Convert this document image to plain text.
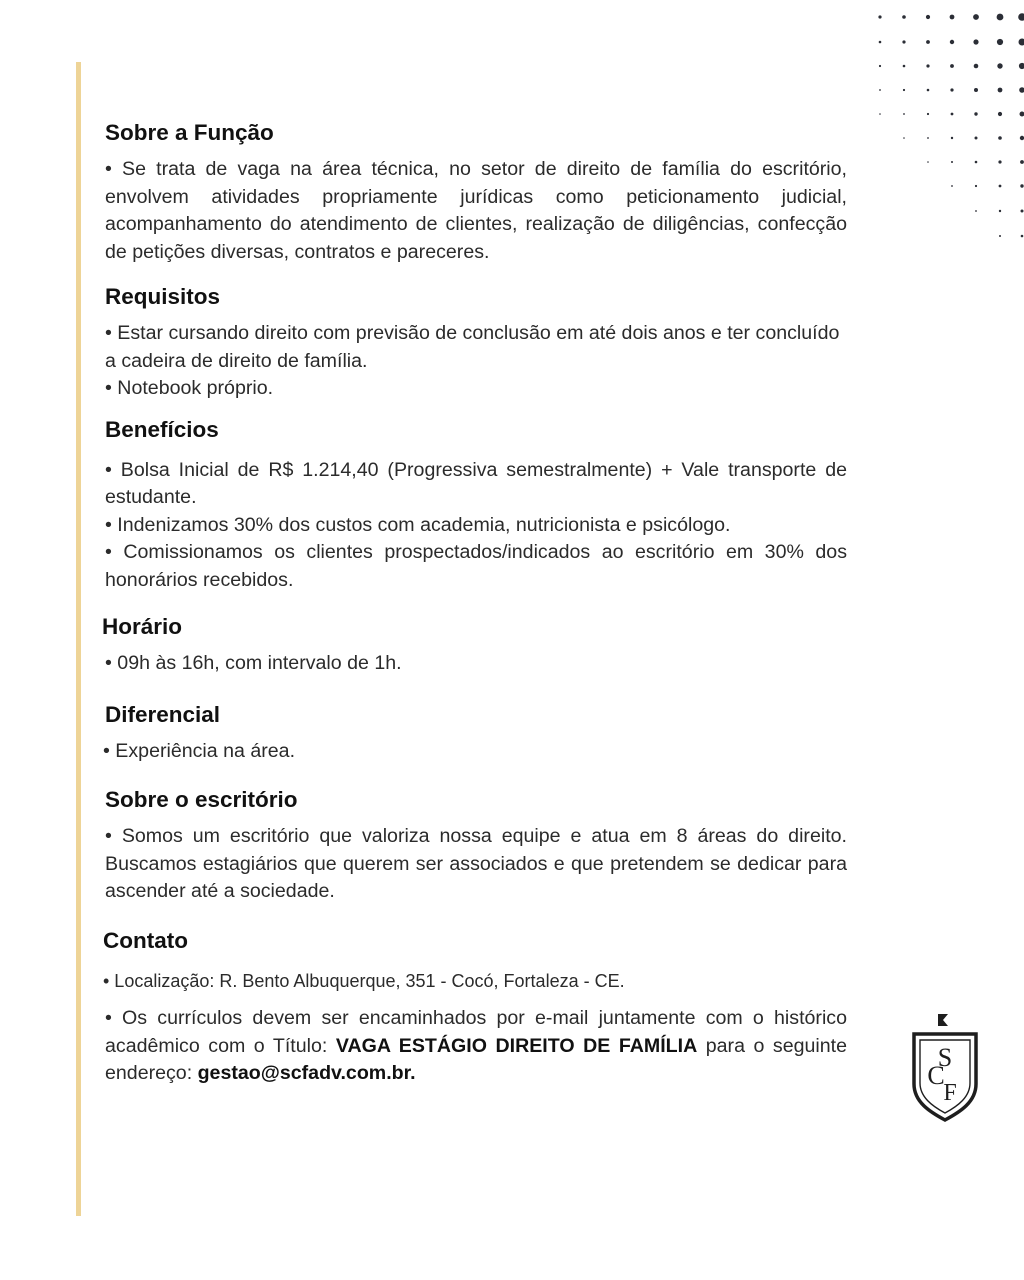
Sobre a Função

• Se trata de vaga na área técnica, no setor de direito de família do escritório, envolvem atividades propriamente jurídicas como peticionamento judicial, acompanhamento do atendimento de clientes, realização de diligências, confecção de petições diversas, contratos e pareceres.

Requisitos

• Estar cursando direito com previsão de conclusão em até dois anos e ter concluído a cadeira de direito de família.

• Notebook próprio.

Benefícios

• Bolsa Inicial de R$ 1.214,40 (Progressiva semestralmente) + Vale transporte de estudante.

• Indenizamos 30% dos custos com academia, nutricionista e psicólogo.

• Comissionamos os clientes prospectados/indicados ao escritório em 30% dos honorários recebidos.

Horário

• 09h às 16h, com intervalo de 1h.

Diferencial

• Experiência na área.

Sobre o escritório

• Somos um escritório que valoriza nossa equipe e atua em 8 áreas do direito. Buscamos estagiários que querem ser associados e que pretendem se dedicar para ascender até a sociedade.

Contato

• Localização: R. Bento Albuquerque, 351 - Cocó, Fortaleza - CE.

• Os currículos devem ser encaminhados por e-mail juntamente com o histórico acadêmico com o Título: VAGA ESTÁGIO DIREITO DE FAMÍLIA para o seguinte endereço: gestao@scfadv.com.br.

S
C
F
